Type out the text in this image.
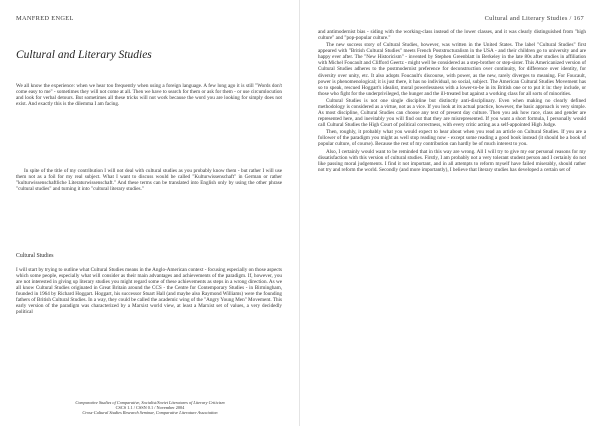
MANFRED ENGEL
Cultural and Literary Studies

We all know the experience: when we hear too frequently when using a foreign language. A few long ago it is still "Words don't come easy to me" - sometimes they will not come at all. Then we have to search for them or ask for them - or use circumlocution and look for verbal detours. But sometimes all these tricks will not work because the word you are looking for simply does not exist. And exactly this is the dilemma I am facing.

In spite of the title of my contribution I will not deal with cultural studies as you probably know them - but rather I will use them not as a foil for my real subject. What I want to discuss would be called "Kulturwissenschaft" in German or rather "kulturwissenschaftliche Literaturwissenschaft." And these terms can be translated into English only by using the other phrase "cultural studies" and turning it into "cultural literary studies."

Cultural Studies

I will start by trying to outline what Cultural Studies means in the Anglo-American context - focusing especially on those aspects which some people, especially what will consider as their main advantages and achievements of the paradigm. If, however, you are not interested in giving up literary studies you might regard some of these achievements as steps in a wrong direction. As we all know Cultural Studies originated in Great Britain around the CCS - the Centre for Contemporary Studies - in Birmingham, founded in 1964 by Richard Hoggart. Hoggart, his successor Stuart Hall (and maybe also Raymond Williams) were the founding fathers of British Cultural Studies. In a way, they could be called the academic wing of the "Angry Young Men" Movement. This early version of the paradigm was characterized by a Marxist world view, at least a Marxist set of values, a very decidedly political

Comparative Studies of Comparative, Socialist/Soviet Literatures of Literary Criticism
CSCS 1.1 / CSSN 0.1 / November 2004
Cross-Cultural Studies Research Seminar, Comparative Literature Association
Cultural and Literary Studies / 167

and antimodernist bias - siding with the working-class instead of the lower classes, and it was clearly distinguished from "high culture" and "pop-popular culture."

The new success story of Cultural Studies, however, was written in the United States. The label "Cultural Studies" first appeared with "British Cultural Studies" meets French Poststructuralism in the USA - and their children go to university and are happy ever after. The "New Historicism" - invented by Stephen Greenblatt in Berkeley in the late 80s after studies in affiliation with Michel Foucault and Clifford Geertz - might well be considered as a step-brother or step-sister. This Americanized version of Cultural Studies adheres to the postmodernist preference for deconstruction over continuity, for difference over identity, for diversity over unity, etc. It also adopts Foucault's discourse, with power, as the new, rarely diverges to meaning. For Foucault, power is phenomenological; it is just there, it has no individual, no social, subject. The American Cultural Studies Movement has so to speak, rescued Hoggart's idealist, moral powerlessness with a lower-to-be in its British one or to put it in: they include, or those who fight for the underprivileged, the hunger and the ill-treated but against a working class for all sorts of minorities.

Cultural Studies is not one single discipline but distinctly anti-disciplinary. Even when making no clearly defined methodology is considered as a virtue, not as a vice. If you look at its actual practice, however, the basic approach is very simple. As most discipline, Cultural Studies can choose any text of present day culture. Then you ask how race, class and gender are represented here, and inevitably you will find out that they are misrepresented. If you want a short formula, I personally would call Cultural Studies the High Court of political correctness, with every critic acting as a self-appointed High Judge.

Then, roughly, it probably what you would expect to hear about when you read an article on Cultural Studies. If you are a follower of the paradigm you might as well stop reading now - except some reading a good book instead (it should be a book of popular culture, of course). Because the rest of my contribution can hardly be of much interest to you.

Also, I certainly would want to be reminded that in this way are wrong. All I will try to give my ear personal reasons for my dissatisfaction with this version of cultural studies. Firstly, I am probably not a very tolerant student person and I certainly do not like passing moral judgements. I find it not important, and in all attempts to reform myself have failed miserably, should rather not try and reform the world. Secondly (and more importantly), I believe that literary studies has developed a certain set of
